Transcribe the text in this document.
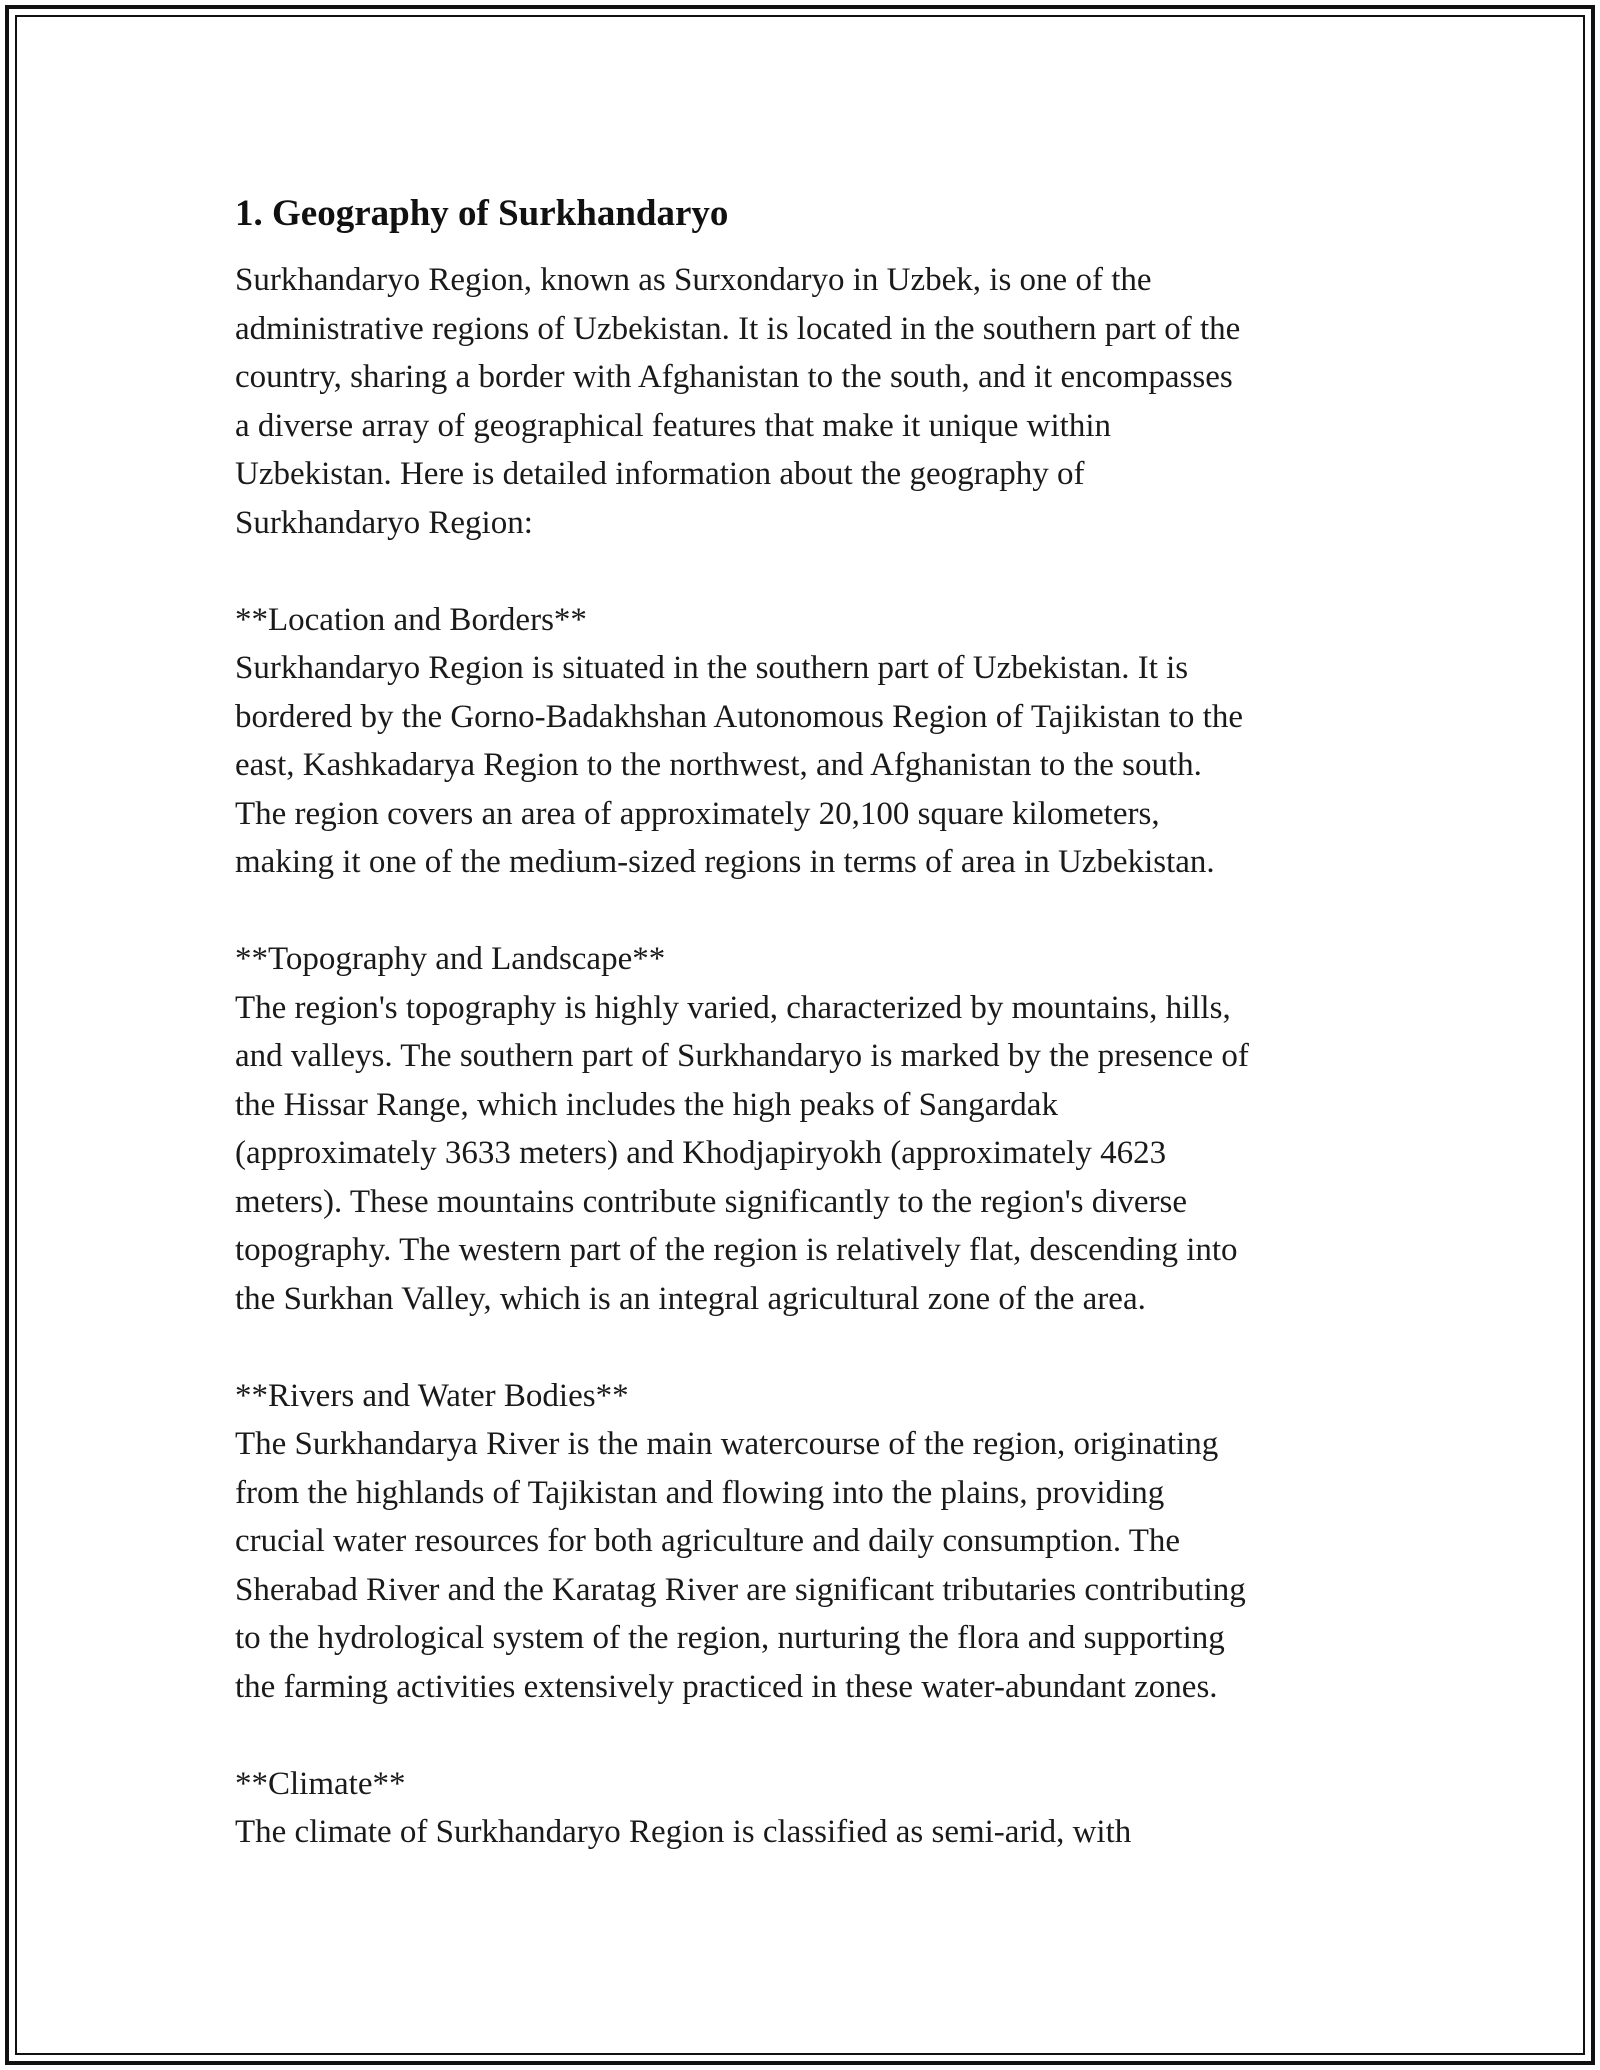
1. Geography of Surkhandaryo

Surkhandaryo Region, known as Surxondaryo in Uzbek, is one of the
administrative regions of Uzbekistan. It is located in the southern part of the
country, sharing a border with Afghanistan to the south, and it encompasses
a diverse array of geographical features that make it unique within
Uzbekistan. Here is detailed information about the geography of
Surkhandaryo Region:

**Location and Borders**

Surkhandaryo Region is situated in the southern part of Uzbekistan. It is
bordered by the Gorno-Badakhshan Autonomous Region of Tajikistan to the
east, Kashkadarya Region to the northwest, and Afghanistan to the south.
The region covers an area of approximately 20,100 square kilometers,
making it one of the medium-sized regions in terms of area in Uzbekistan.

**Topography and Landscape**

The region's topography is highly varied, characterized by mountains, hills,
and valleys. The southern part of Surkhandaryo is marked by the presence of
the Hissar Range, which includes the high peaks of Sangardak
(approximately 3633 meters) and Khodjapiryokh (approximately 4623
meters). These mountains contribute significantly to the region's diverse
topography. The western part of the region is relatively flat, descending into
the Surkhan Valley, which is an integral agricultural zone of the area.

**Rivers and Water Bodies**

The Surkhandarya River is the main watercourse of the region, originating
from the highlands of Tajikistan and flowing into the plains, providing
crucial water resources for both agriculture and daily consumption. The
Sherabad River and the Karatag River are significant tributaries contributing
to the hydrological system of the region, nurturing the flora and supporting
the farming activities extensively practiced in these water-abundant zones.

**Climate**

The climate of Surkhandaryo Region is classified as semi-arid, with
